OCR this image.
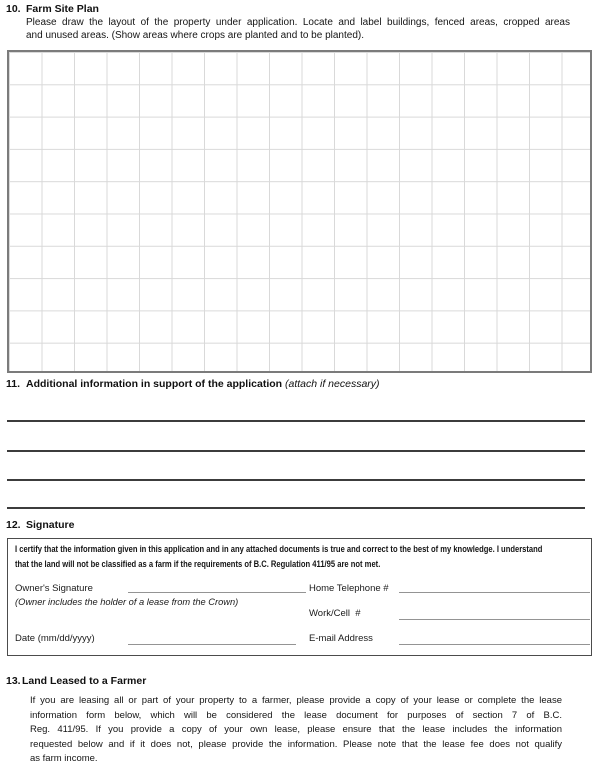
10. Farm Site Plan
Please draw the layout of the property under application. Locate and label buildings, fenced areas, cropped areas
and unused areas. (Show areas where crops are planted and to be planted).
11. Additional information in support of the application (attach if necessary)
12. Signature
I certify that the information given in this application and in any attached documents is true and correct to the best of my knowledge. I understand
that the land will not be classified as a farm if the requirements of B.C. Regulation 411/95 are not met.
Owner's Signature
(Owner includes the holder of a lease from the Crown)
Date (mm/dd/yyyy)
Home Telephone #
Work/Cell  #
E-mail Address
13.Land Leased to a Farmer
If you are leasing all or part of your property to a farmer, please provide a copy of your lease or complete the lease
information form below, which will be considered the lease document for purposes of section 7 of B.C.
Reg. 411/95. If you provide a copy of your own lease, please ensure that the lease includes the information
requested below and if it does not, please provide the information. Please note that the lease fee does not qualify
as farm income.
